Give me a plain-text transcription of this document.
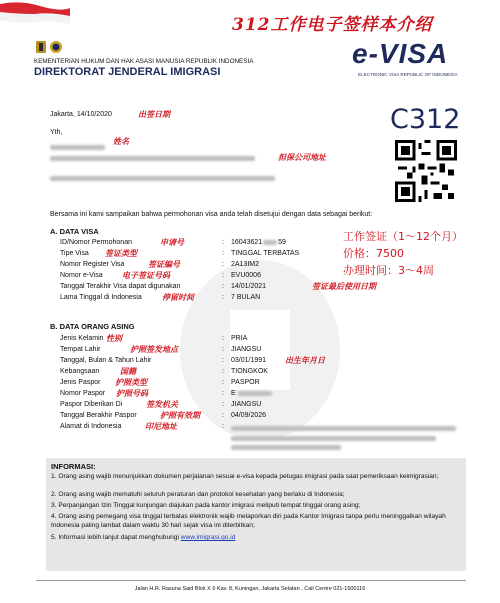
312工作电子签样本介绍
KEMENTERIAN HUKUM DAN HAK ASASI MANUSIA REPUBLIK INDONESIA
DIREKTORAT JENDERAL IMIGRASI
e-VISA
ELECTRONIC VISA REPUBLIC OF INDONESIA
Jakarta, 14/10/2020	出签日期	C312
Yth,
姓名

担保公司地址
Bersama ini kami sampaikan bahwa permohonan visa anda telah disetujui dengan data sebagai berikut:
A. DATA VISA
ID/Nomor Permohonan	: 16043621 59
申请号
Tipe Visa	: TINGGAL TERBATAS
签证类型
Nomor Register Visa	: 2A13IM2
签证编号
Nomor e-Visa	: EVU0006
电子签证号码
Tanggal Terakhir Visa dapat digunakan	: 14/01/2021	签证最后使用日期
Lama Tinggal di Indonesia	: 7 BULAN
停留时间
工作签证（1～12个月）
价格：7500
办理时间：3～4周
B. DATA ORANG ASING
Jenis Kelamin	: PRIA
性别
Tempat Lahir	: JIANGSU
护照签发地点
Tanggal, Bulan & Tahun Lahir	: 03/01/1991 出生年月日
Kebangsaan	: TIONGKOK
国籍
Jenis Paspor	: PASPOR
护照类型
Nomor Paspor	: E
护照号码
Paspor Diberikan Di	: JIANGSU
签发机关
Tanggal Berakhir Paspor	: 04/09/2026
护照有效期
Alamat di Indonesia	:

印尼地址
INFORMASI:
1. Orang asing wajib menunjukkan dokumen perjalanan sesuai e-visa kepada petugas imigrasi pada saat pemeriksaan keimigrasian;
2. Orang asing wajib mematuhi seluruh peraturan dan protokol kesehatan yang berlaku di Indonesia;
3. Perpanjangan Izin Tinggal kunjungan diajukan pada kantor imigrasi meliputi tempat tinggal orang asing;
4. Orang asing pemegang visa tinggal terbatas elektronik wajib melaporkan diri pada Kantor Imigrasi tanpa perlu meninggalkan wilayah Indonesia paling lambat dalam waktu 30 hari sejak visa ini diterbitkan;
5. Informasi lebih lanjut dapat menghubungi www.imigrasi.go.id
Jalan H.R. Rasuna Said Blok X 6 Kav. 8, Kuningan, Jakarta Selatan , Call Centre 021-1500116
